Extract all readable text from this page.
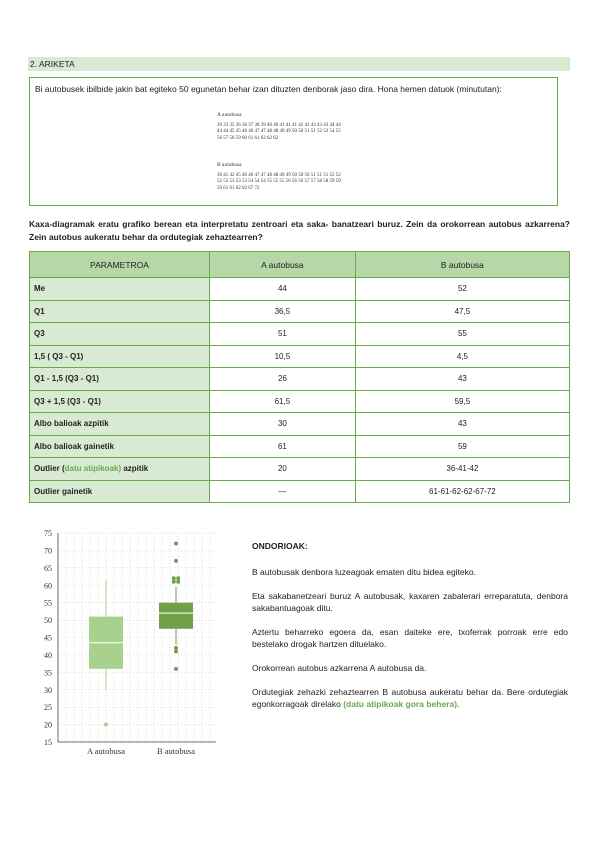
2. ARIKETA
Bi autobusek ibilbide jakin bat egiteko 50 egunetan behar izan dituzten denborak jaso dira. Hona hemen datuok (minututan):
A autobusa
20 33 35 36 36 37 38 39 40 40 41 41 41 42 42 43 43 43 44 44
44 44 45 45 46 46 47 47 48 48 49 49 50 50 51 51 52 53 54 55
56 57 58 59 60 61 61 62 62 62
B autobusa
36 41 42 45 46 46 47 47 48 48 49 49 50 50 50 51 51 51 52 52
52 52 53 53 53 54 54 54 55 55 55 56 56 56 57 57 58 58 59 59
59 61 61 62 62 67 72
Kaxa-diagramak eratu grafiko berean eta interpretatu zentroari eta saka- banatzeari buruz. Zein da orokorrean autobus azkarrena? Zein autobus aukeratu behar da ordutegiak zehaztearren?
PARAMETROA	A autobusa	B autobusa
Me	44	52
Q1	36,5	47,5
Q3	51	55
1,5 ( Q3 - Q1)	10,5	4,5
Q1 - 1,5 (Q3 - Q1)	26	43
Q3 + 1,5 (Q3 - Q1)	61,5	59,5
Albo balioak azpitik	30	43
Albo balioak gainetik	61	59
Outlier (datu atipikoak) azpitik	20	36-41-42
Outlier gainetik	—	61-61-62-62-67-72
15
20
25
30
35
40
45
50
55
60
65
70
75
A autobusa	B autobusa

ONDORIOAK:

B autobusak denbora luzeagoak ematen ditu bidea egiteko.

Eta sakabanetzeari buruz A autobusak, kaxaren zabalerari erreparatuta, denbora sakabantuagoak ditu.

Aztertu beharreko egoera da, esan daiteke ere, txoferrak porroak erre edo bestelako drogak hartzen dituelako.

Orokorrean autobus azkarrena A autobusa da.

Ordutegiak zehazki zehaztearren B autobusa aukeratu behar da. Bere ordutegiak egonkorragoak direlako (datu atipikoak gora behera).
